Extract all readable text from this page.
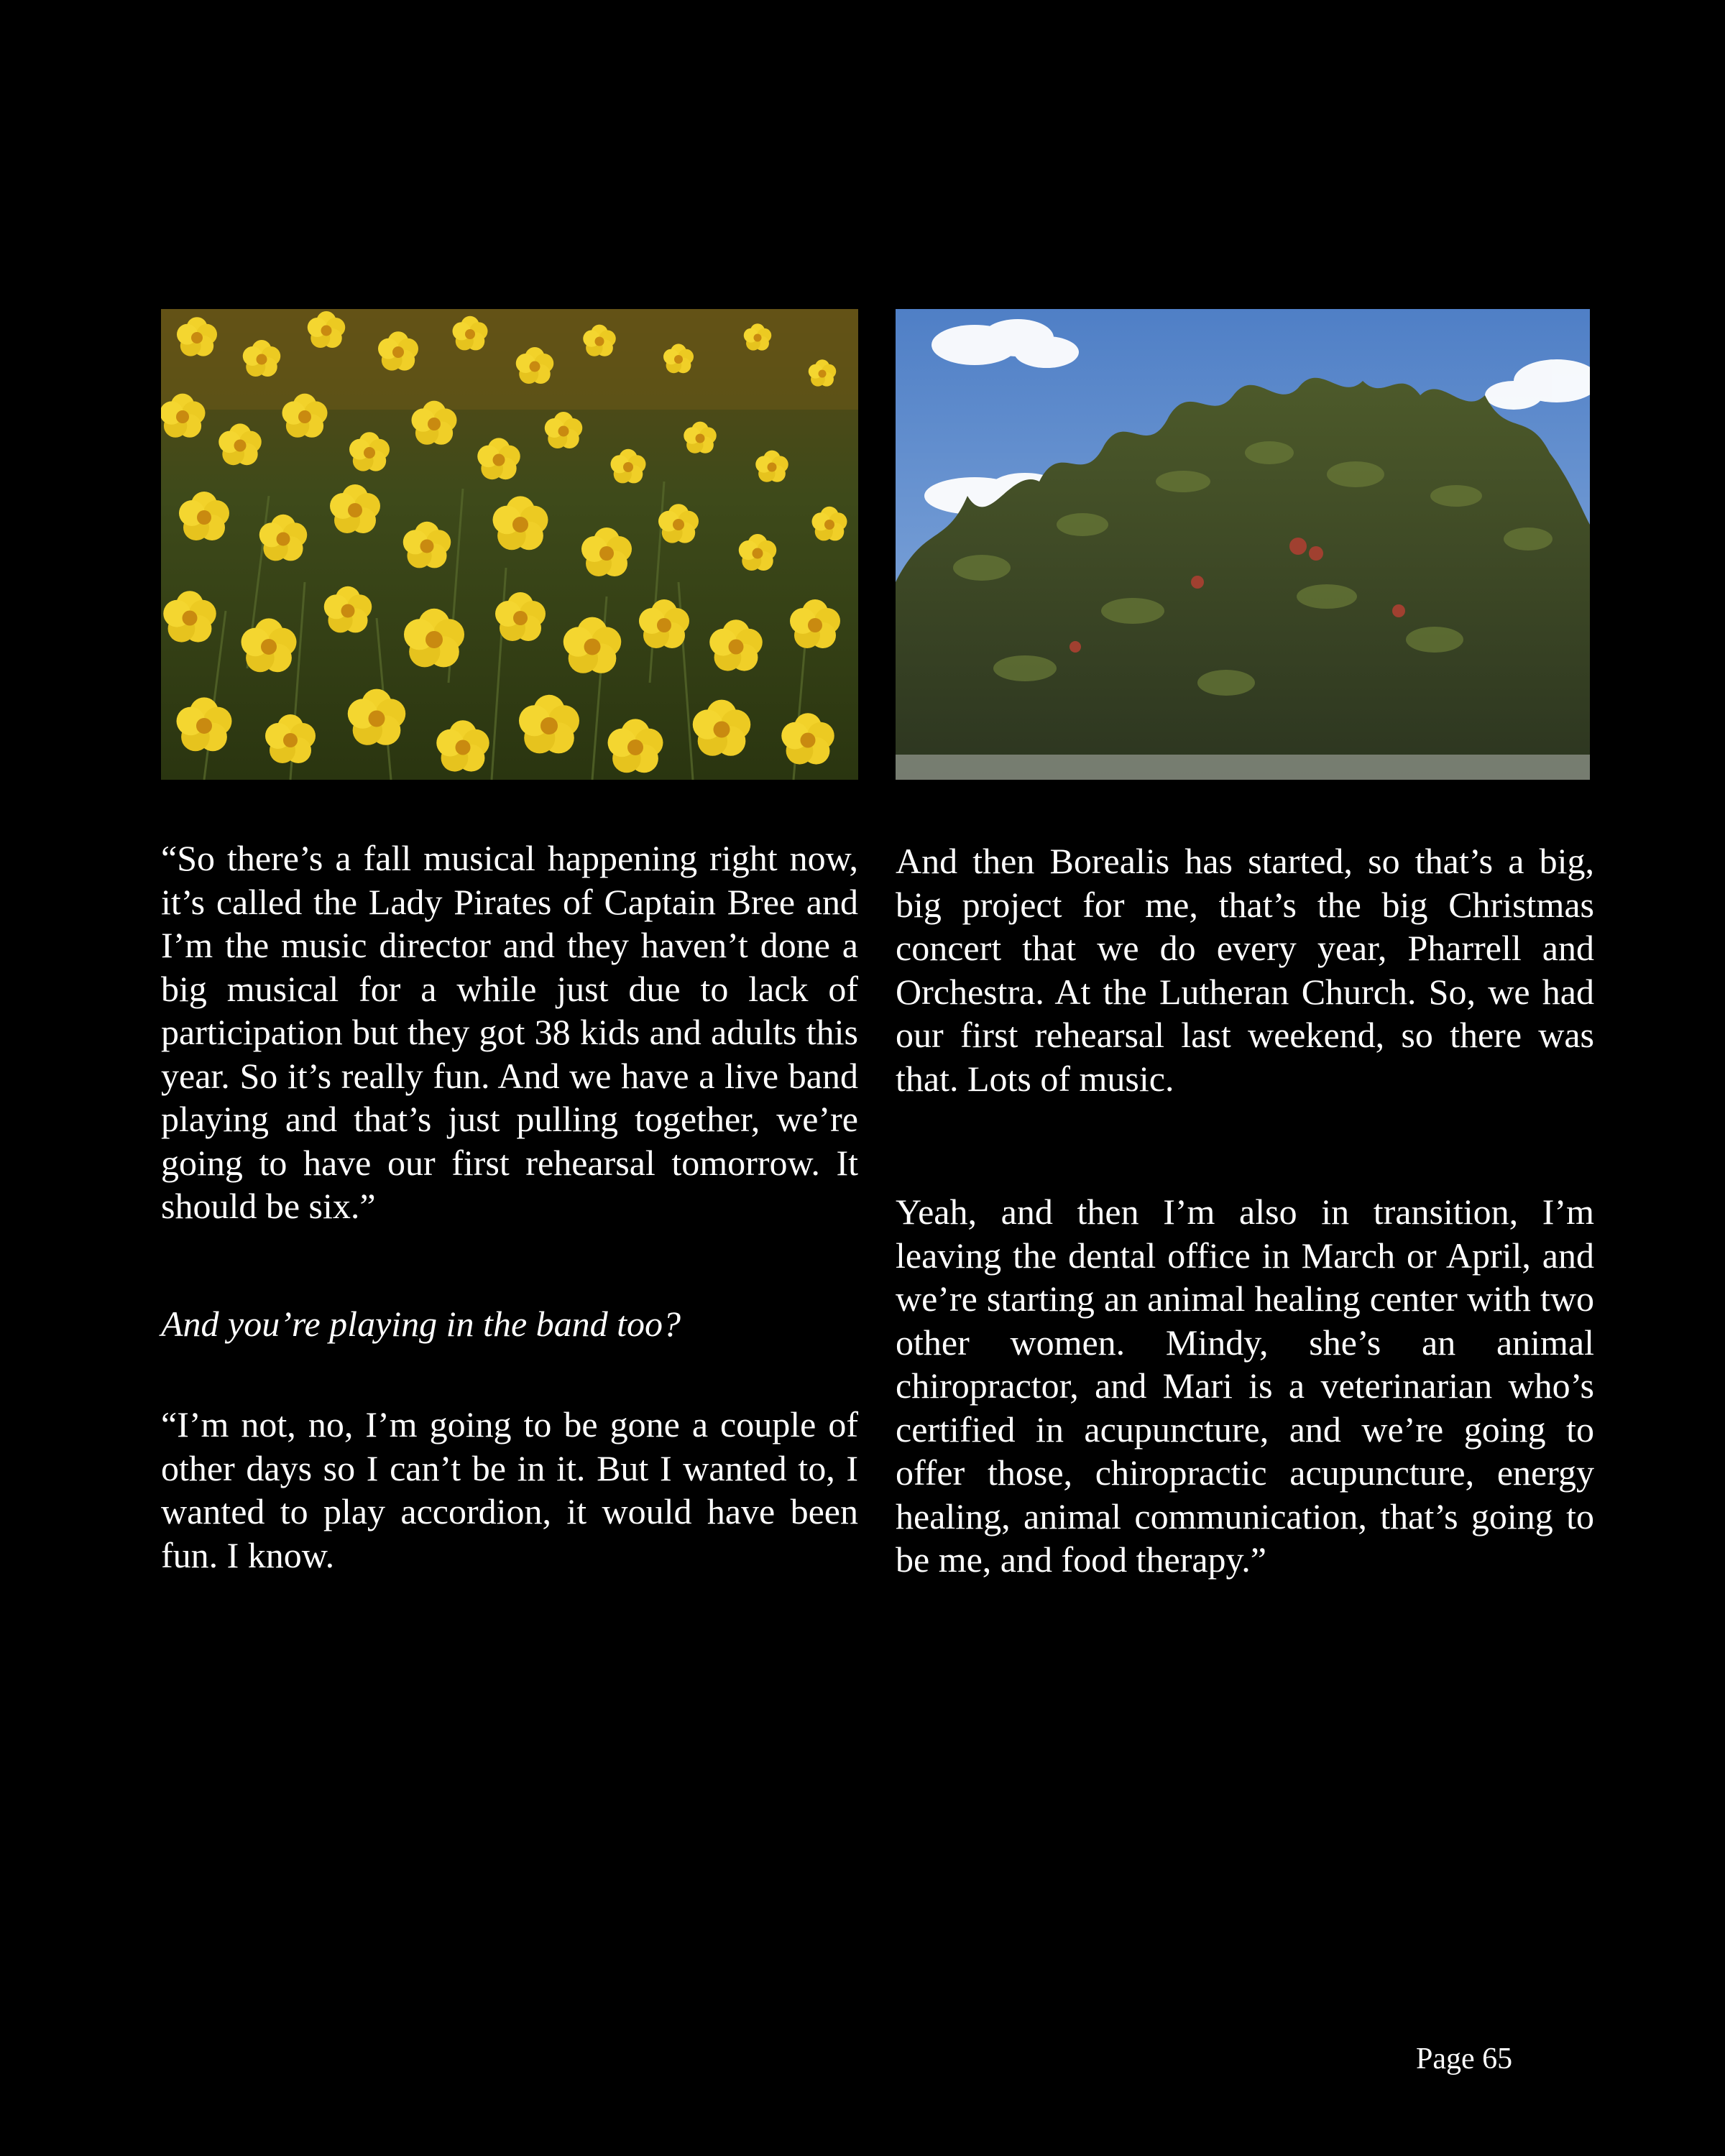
“So there’s a fall musical happening right now, it’s called the Lady Pirates of Captain Bree and I’m the music director and they haven’t done a big musical for a while just due to lack of participation but they got 38 kids and adults this year. So it’s really fun. And we have a live band playing and that’s just pulling together, we’re going to have our first rehearsal tomorrow. It should be six.”

And you’re playing in the band too?

“I’m not, no, I’m going to be gone a couple of other days so I can’t be in it. But I wanted to, I wanted to play accordion, it would have been fun. I know.

And then Borealis has started, so that’s a big, big project for me, that’s the big Christmas concert that we do every year, Pharrell and Orchestra. At the Lutheran Church. So, we had our first rehearsal last weekend, so there was that. Lots of music.

Yeah, and then I’m also in transition, I’m leaving the dental office in March or April, and we’re starting an animal healing center with two other women. Mindy, she’s an animal chiropractor, and Mari is a veterinarian who’s certified in acupuncture, and we’re going to offer those, chiropractic acupuncture, energy healing, animal communication, that’s going to be me, and food therapy.”

Page 65
